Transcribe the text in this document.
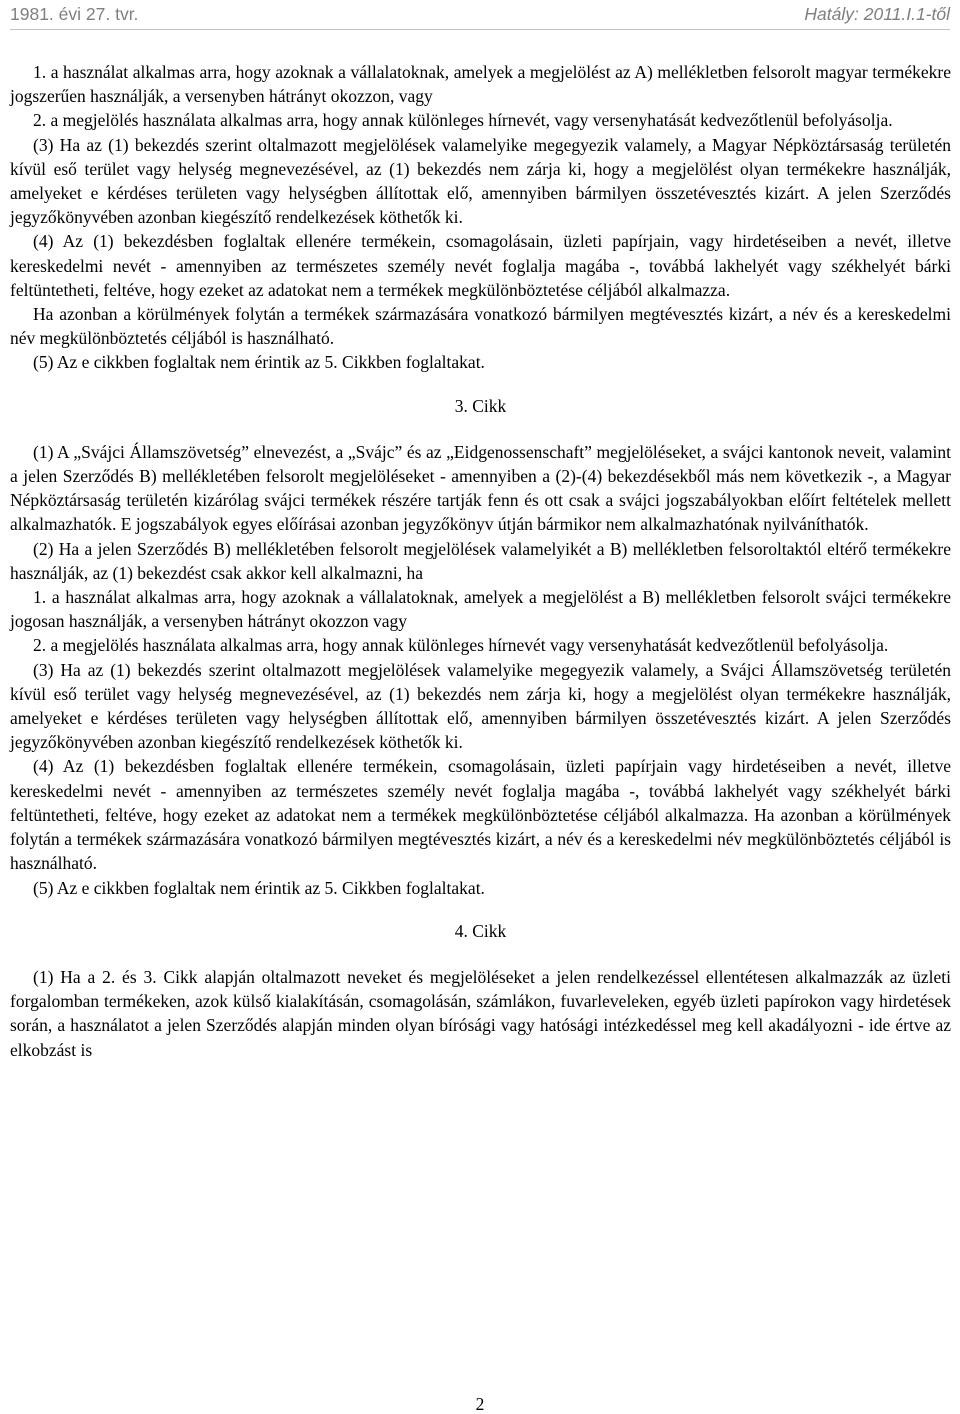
1981. évi 27. tvr.	Hatály: 2011.I.1-től

1. a használat alkalmas arra, hogy azoknak a vállalatoknak, amelyek a megjelölést az A) mellékletben felsorolt magyar termékekre jogszerűen használják, a versenyben hátrányt okozzon, vagy

2. a megjelölés használata alkalmas arra, hogy annak különleges hírnevét, vagy versenyhatását kedvezőtlenül befolyásolja.

(3) Ha az (1) bekezdés szerint oltalmazott megjelölések valamelyike megegyezik valamely, a Magyar Népköztársaság területén kívül eső terület vagy helység megnevezésével, az (1) bekezdés nem zárja ki, hogy a megjelölést olyan termékekre használják, amelyeket e kérdéses területen vagy helységben állítottak elő, amennyiben bármilyen összetévesztés kizárt. A jelen Szerződés jegyzőkönyvében azonban kiegészítő rendelkezések köthetők ki.

(4) Az (1) bekezdésben foglaltak ellenére termékein, csomagolásain, üzleti papírjain, vagy hirdetéseiben a nevét, illetve kereskedelmi nevét - amennyiben az természetes személy nevét foglalja magába -, továbbá lakhelyét vagy székhelyét bárki feltüntetheti, feltéve, hogy ezeket az adatokat nem a termékek megkülönböztetése céljából alkalmazza.

Ha azonban a körülmények folytán a termékek származására vonatkozó bármilyen megtévesztés kizárt, a név és a kereskedelmi név megkülönböztetés céljából is használható.

(5) Az e cikkben foglaltak nem érintik az 5. Cikkben foglaltakat.

3. Cikk

(1) A „Svájci Államszövetség” elnevezést, a „Svájc” és az „Eidgenossenschaft” megjelöléseket, a svájci kantonok neveit, valamint a jelen Szerződés B) mellékletében felsorolt megjelöléseket - amennyiben a (2)-(4) bekezdésekből más nem következik -, a Magyar Népköztársaság területén kizárólag svájci termékek részére tartják fenn és ott csak a svájci jogszabályokban előírt feltételek mellett alkalmazhatók. E jogszabályok egyes előírásai azonban jegyzőkönyv útján bármikor nem alkalmazhatónak nyilváníthatók.

(2) Ha a jelen Szerződés B) mellékletében felsorolt megjelölések valamelyikét a B) mellékletben felsoroltaktól eltérő termékekre használják, az (1) bekezdést csak akkor kell alkalmazni, ha

1. a használat alkalmas arra, hogy azoknak a vállalatoknak, amelyek a megjelölést a B) mellékletben felsorolt svájci termékekre jogosan használják, a versenyben hátrányt okozzon vagy

2. a megjelölés használata alkalmas arra, hogy annak különleges hírnevét vagy versenyhatását kedvezőtlenül befolyásolja.

(3) Ha az (1) bekezdés szerint oltalmazott megjelölések valamelyike megegyezik valamely, a Svájci Államszövetség területén kívül eső terület vagy helység megnevezésével, az (1) bekezdés nem zárja ki, hogy a megjelölést olyan termékekre használják, amelyeket e kérdéses területen vagy helységben állítottak elő, amennyiben bármilyen összetévesztés kizárt. A jelen Szerződés jegyzőkönyvében azonban kiegészítő rendelkezések köthetők ki.

(4) Az (1) bekezdésben foglaltak ellenére termékein, csomagolásain, üzleti papírjain vagy hirdetéseiben a nevét, illetve kereskedelmi nevét - amennyiben az természetes személy nevét foglalja magába -, továbbá lakhelyét vagy székhelyét bárki feltüntetheti, feltéve, hogy ezeket az adatokat nem a termékek megkülönböztetése céljából alkalmazza. Ha azonban a körülmények folytán a termékek származására vonatkozó bármilyen megtévesztés kizárt, a név és a kereskedelmi név megkülönböztetés céljából is használható.

(5) Az e cikkben foglaltak nem érintik az 5. Cikkben foglaltakat.

4. Cikk

(1) Ha a 2. és 3. Cikk alapján oltalmazott neveket és megjelöléseket a jelen rendelkezéssel ellentétesen alkalmazzák az üzleti forgalomban termékeken, azok külső kialakításán, csomagolásán, számlákon, fuvarleveleken, egyéb üzleti papírokon vagy hirdetések során, a használatot a jelen Szerződés alapján minden olyan bírósági vagy hatósági intézkedéssel meg kell akadályozni - ide értve az elkobzást is

2
